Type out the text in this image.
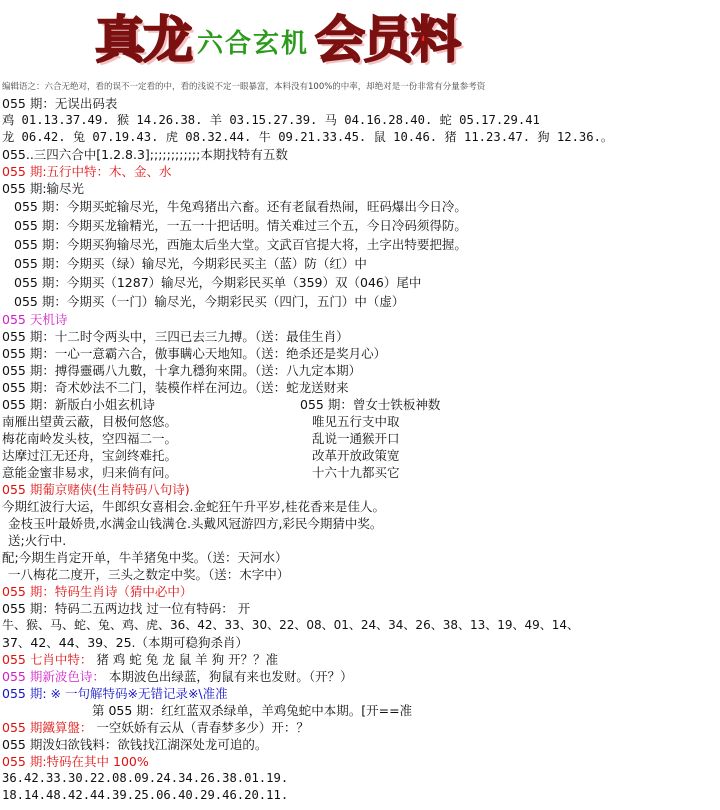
真龙 六合玄机 会员料
编辑语之：六合无绝对，看的误不一定看的中，看的浅说不定一眼暴富，本料没有100%的中率，却绝对是一份非常有分量参考资
055 期：无误出码表
鸡 01.13.37.49. 猴 14.26.38. 羊 03.15.27.39. 马 04.16.28.40. 蛇 05.17.29.41
龙 06.42. 兔 07.19.43. 虎 08.32.44. 牛 09.21.33.45. 鼠 10.46. 猪 11.23.47. 狗 12.36.。
055..三四六合中[1.2.8.3];;;;;;;;;;;;本期找特有五数
055 期:五行中特：木、金、水
055 期:输尽光
055 期：今期买蛇输尽光，牛兔鸡猪出六畜。还有老鼠看热闹，旺码爆出今日冷。
055 期：今期买龙输精光，一五一十把话明。情关难过三个五，今日冷码须得防。
055 期：今期买狗输尽光，西施太后坐大堂。文武百官提大将，土字出特要把握。
055 期：今期买（绿）输尽光，今期彩民买主（蓝）防（红）中
055 期：今期买（1287）输尽光，今期彩民买单（359）双（046）尾中
055 期：今期买（一门）输尽光，今期彩民买（四门，五门）中（虚）
055 天机诗
055 期：十二时令两头中，三四已去三九搏。（送：最佳生肖）
055 期：一心一意霸六合，傲事瞒心天地知。（送：绝杀还是奖月心）
055 期：搏得靈碼八九數，十拿九穩狗來開。（送：八九定本期）
055 期：奇术妙法不二门，装模作样在河边。（送：蛇龙送财来
055 期：新版白小姐玄机诗	055 期：曾女士铁板神数
南雁出望黄云蔽，目极何悠悠。	唯见五行支中取
梅花南岭发头枝，空四福二一。	乱说一通猴开口
达摩过江无还舟，宝剑终难托。	改革开放政策宽
意能金蜜非易求，归来倘有问。	十六十九都买它
055 期葡京赌侠(生肖特码八句诗)
今期红波行大运，牛郎织女喜相会.金蛇狂午升平岁,桂花香来是佳人。
金枝玉叶最娇贵,水满金山钱满仓.头戴风冠游四方,彩民今期猜中奖。
送;火行中.
配;今期生肖定开单，牛羊猪兔中奖。（送：天河水）
一八梅花二度开，三头之数定中奖。（送：木字中）
055 期：特码生肖诗（猜中必中）
055 期：特码二五两边找 过一位有特码： 开
牛、猴、马、蛇、兔、鸡、虎、36、42、33、30、22、08、01、24、34、26、38、13、19、49、14、
37、42、44、39、25.（本期可稳狗杀肖）
055 七肖中特： 猪 鸡 蛇 兔 龙 鼠 羊 狗 开？？准
055 期新波色诗： 本期波色出绿蓝，狗鼠有来也发财。（开？）
055 期: ※ 一句解特码※无错记录※\准准
第 055 期：红红蓝双杀绿单，羊鸡兔蛇中本期。[开==准
055 期鐵算盤： 一空妖娇有云从（青春梦多少）开：？
055 期泼妇欲钱料：欲钱找江湖深处龙可追的。
055 期:特码在其中 100%
36.42.33.30.22.08.09.24.34.26.38.01.19.
18.14.48.42.44.39.25.06.40.29.46.20.11.
